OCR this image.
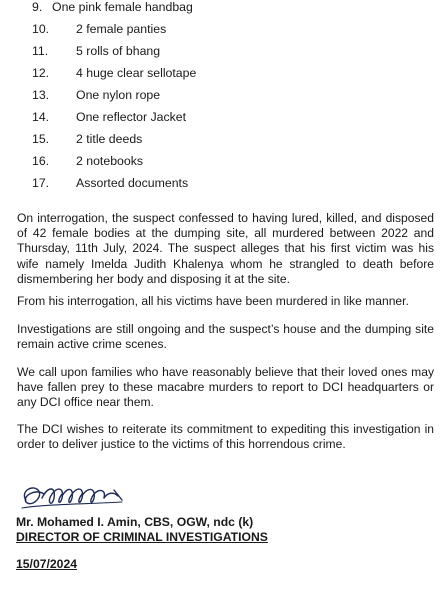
9. One pink female handbag
10.	2 female panties
11.	5 rolls of bhang
12.	4 huge clear sellotape
13.	One nylon rope
14.	One reflector Jacket
15.	2 title deeds
16.	2 notebooks
17.	Assorted documents

On interrogation, the suspect confessed to having lured, killed, and disposed of 42 female bodies at the dumping site, all murdered between 2022 and Thursday, 11th July, 2024. The suspect alleges that his first victim was his wife namely Imelda Judith Khalenya whom he strangled to death before dismembering her body and disposing it at the site.

From his interrogation, all his victims have been murdered in like manner.

Investigations are still ongoing and the suspect’s house and the dumping site remain active crime scenes.

We call upon families who have reasonably believe that their loved ones may have fallen prey to these macabre murders to report to DCI headquarters or any DCI office near them.

The DCI wishes to reiterate its commitment to expediting this investigation in order to deliver justice to the victims of this horrendous crime.

Mr. Mohamed I. Amin, CBS, OGW, ndc (k)
DIRECTOR OF CRIMINAL INVESTIGATIONS
15/07/2024
